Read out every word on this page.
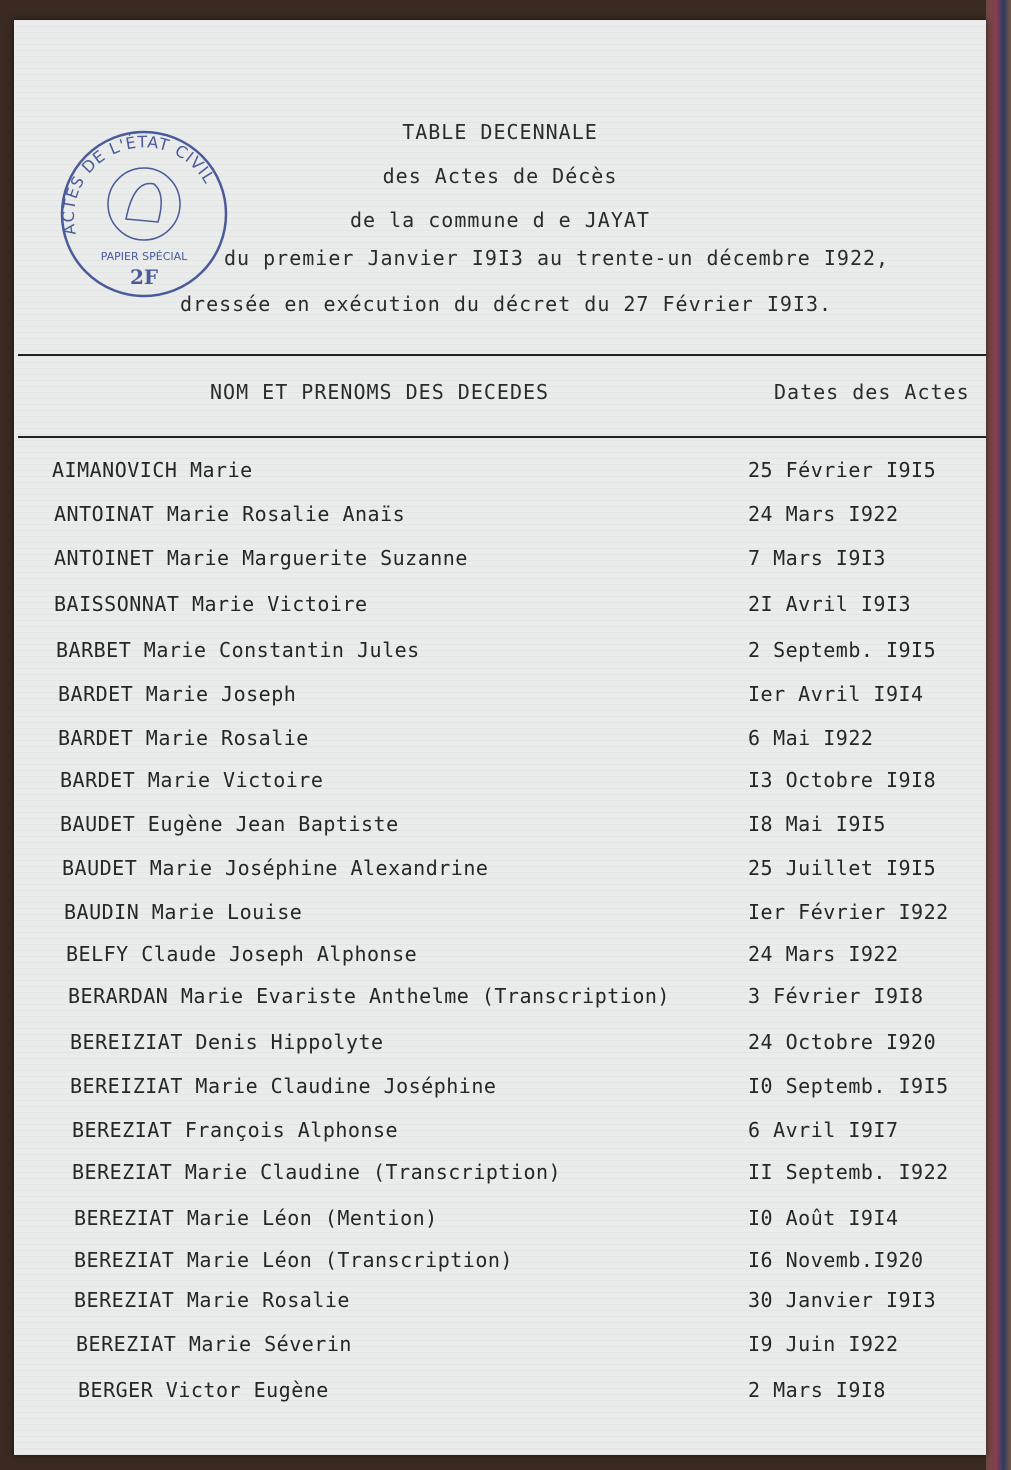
ACTES DE L'ÉTAT CIVIL
PAPIER SPÉCIAL
2F
TABLE DECENNALE
des Actes de Décès
de la commune d e JAYAT
du premier Janvier I9I3 au trente-un décembre I922,
dressée en exécution du décret du 27 Février I9I3.
NOM ET PRENOMS DES DECEDES	Dates des Actes
AIMANOVICH Marie	25 Février I9I5
ANTOINAT Marie Rosalie Anaïs	24 Mars I922
ANTOINET Marie Marguerite Suzanne	7 Mars I9I3
BAISSONNAT Marie Victoire	2I Avril I9I3
BARBET Marie Constantin Jules	2 Septemb. I9I5
BARDET Marie Joseph	Ier Avril I9I4
BARDET Marie Rosalie	6 Mai I922
BARDET Marie Victoire	I3 Octobre I9I8
BAUDET Eugène Jean Baptiste	I8 Mai I9I5
BAUDET Marie Joséphine Alexandrine	25 Juillet I9I5
BAUDIN Marie Louise	Ier Février I922
BELFY Claude Joseph Alphonse	24 Mars I922
BERARDAN Marie Evariste Anthelme (Transcription)	3 Février I9I8
BEREIZIAT Denis Hippolyte	24 Octobre I920
BEREIZIAT Marie Claudine Joséphine	I0 Septemb. I9I5
BEREZIAT François Alphonse	6 Avril I9I7
BEREZIAT Marie Claudine (Transcription)	II Septemb. I922
BEREZIAT Marie Léon (Mention)	I0 Août I9I4
BEREZIAT Marie Léon (Transcription)	I6 Novemb.I920
BEREZIAT Marie Rosalie	30 Janvier I9I3
BEREZIAT Marie Séverin	I9 Juin I922
BERGER Victor Eugène	2 Mars I9I8
